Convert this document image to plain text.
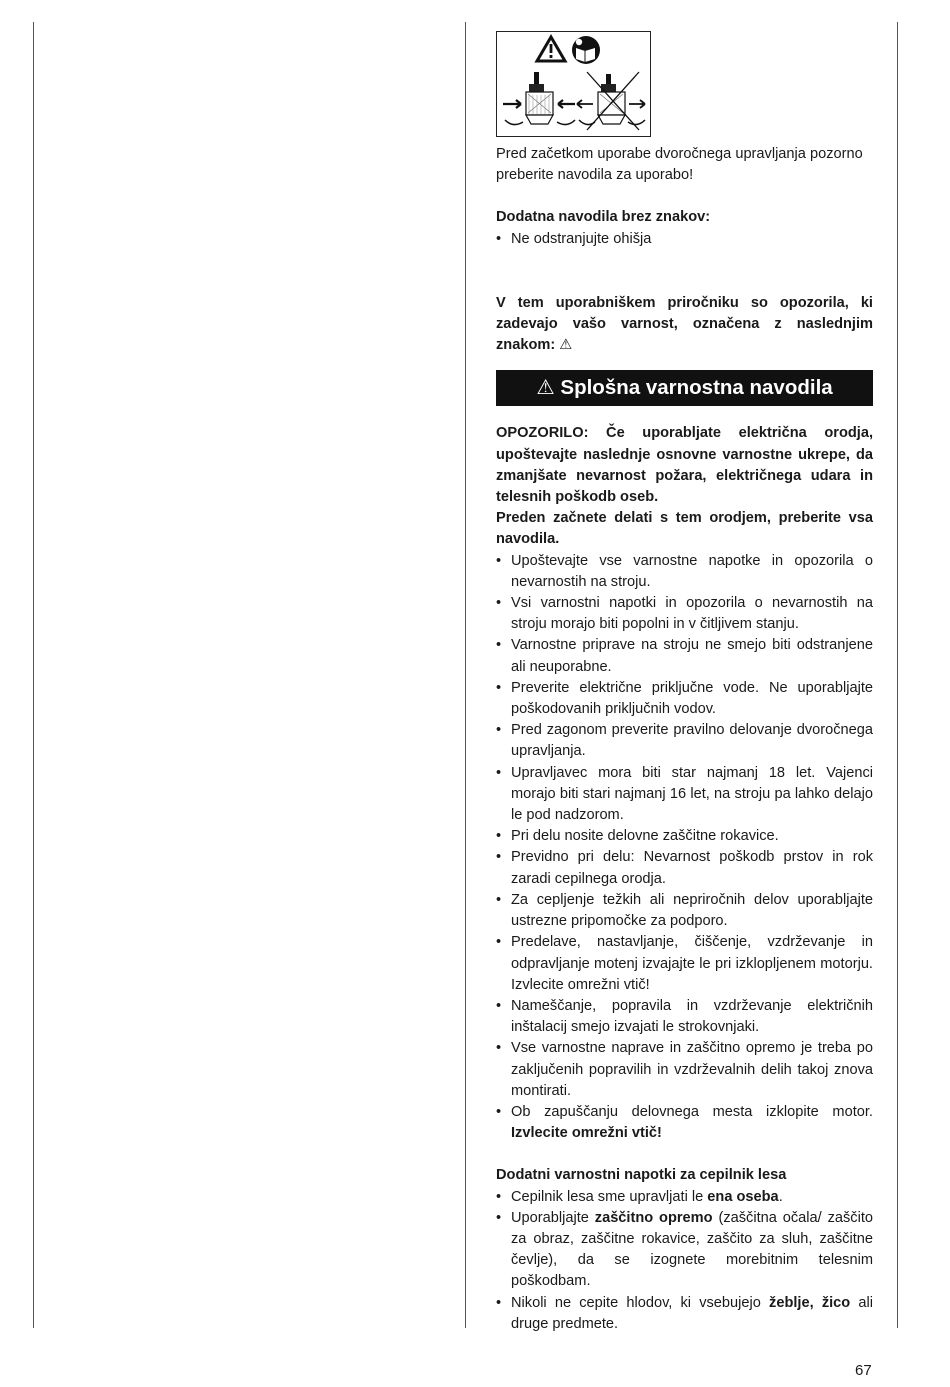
Pred začetkom uporabe dvoročnega upravljanja pozorno preberite navodila za uporabo!

Dodatna navodila brez znakov:

• Ne odstranjujte ohišja

V tem uporabniškem priročniku so opozorila, ki zadevajo vašo varnost, označena z naslednjim znakom: ⚠

⚠ Splošna varnostna navodila

OPOZORILO: Če uporabljate električna orodja, upoštevajte naslednje osnovne varnostne ukrepe, da zmanjšate nevarnost požara, električnega udara in telesnih poškodb oseb.

Preden začnete delati s tem orodjem, preberite vsa navodila.

• Upoštevajte vse varnostne napotke in opozorila o nevarnostih na stroju.
• Vsi varnostni napotki in opozorila o nevarnostih na stroju morajo biti popolni in v čitljivem stanju.
• Varnostne priprave na stroju ne smejo biti odstranjene ali neuporabne.
• Preverite električne priključne vode. Ne uporabljajte poškodovanih priključnih vodov.
• Pred zagonom preverite pravilno delovanje dvoročnega upravljanja.
• Upravljavec mora biti star najmanj 18 let. Vajenci morajo biti stari najmanj 16 let, na stroju pa lahko delajo le pod nadzorom.
• Pri delu nosite delovne zaščitne rokavice.
• Previdno pri delu: Nevarnost poškodb prstov in rok zaradi cepilnega orodja.
• Za cepljenje težkih ali nepriročnih delov uporabljajte ustrezne pripomočke za podporo.
• Predelave, nastavljanje, čiščenje, vzdrževanje in odpravljanje motenj izvajajte le pri izklopljenem motorju. Izvlecite omrežni vtič!
• Nameščanje, popravila in vzdrževanje električnih inštalacij smejo izvajati le strokovnjaki.
• Vse varnostne naprave in zaščitno opremo je treba po zaključenih popravilih in vzdrževalnih delih takoj znova montirati.
• Ob zapuščanju delovnega mesta izklopite motor. Izvlecite omrežni vtič!

Dodatni varnostni napotki za cepilnik lesa

• Cepilnik lesa sme upravljati le ena oseba.
• Uporabljajte zaščitno opremo (zaščitna očala/ zaščito za obraz, zaščitne rokavice, zaščito za sluh, zaščitne čevlje), da se izognete morebitnim telesnim poškodbam.
• Nikoli ne cepite hlodov, ki vsebujejo žeblje, žico ali druge predmete.
67
